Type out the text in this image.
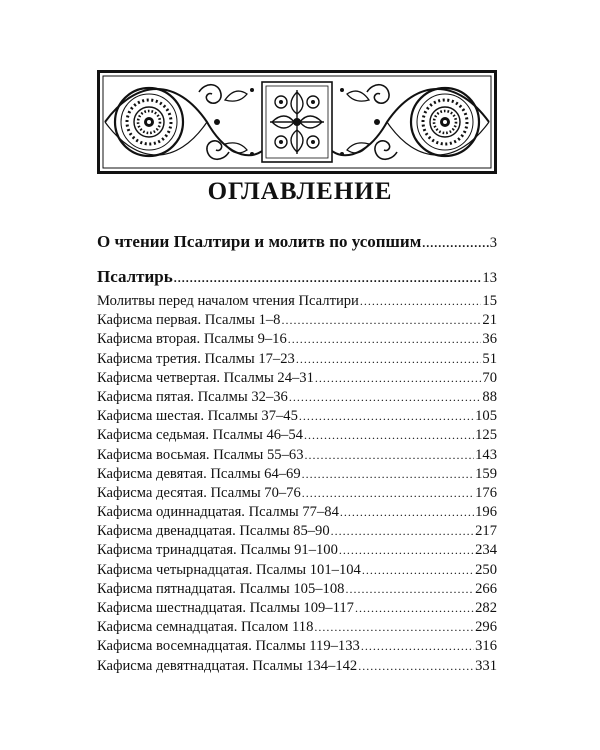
ОГЛАВЛЕНИЕ
О чтении Псалтири и молитв по усопшим .....	3
Псалтирь .....	13
Молитвы перед началом чтения Псалтири .....	15
Кафисма первая. Псалмы 1–8 .....	21
Кафисма вторая. Псалмы 9–16 .....	36
Кафисма третия. Псалмы 17–23 .....	51
Кафисма четвертая. Псалмы 24–31 .....	70
Кафисма пятая. Псалмы 32–36 .....	88
Кафисма шестая. Псалмы 37–45 .....	105
Кафисма седьмая. Псалмы 46–54 .....	125
Кафисма восьмая. Псалмы 55–63 .....	143
Кафисма девятая. Псалмы 64–69 .....	159
Кафисма десятая. Псалмы 70–76 .....	176
Кафисма одиннадцатая. Псалмы 77–84 .....	196
Кафисма двенадцатая. Псалмы 85–90 .....	217
Кафисма тринадцатая. Псалмы 91–100 .....	234
Кафисма четырнадцатая. Псалмы 101–104 .....	250
Кафисма пятнадцатая. Псалмы 105–108 .....	266
Кафисма шестнадцатая. Псалмы 109–117 .....	282
Кафисма семнадцатая. Псалом 118 .....	296
Кафисма восемнадцатая. Псалмы 119–133 .....	316
Кафисма девятнадцатая. Псалмы 134–142 .....	331
